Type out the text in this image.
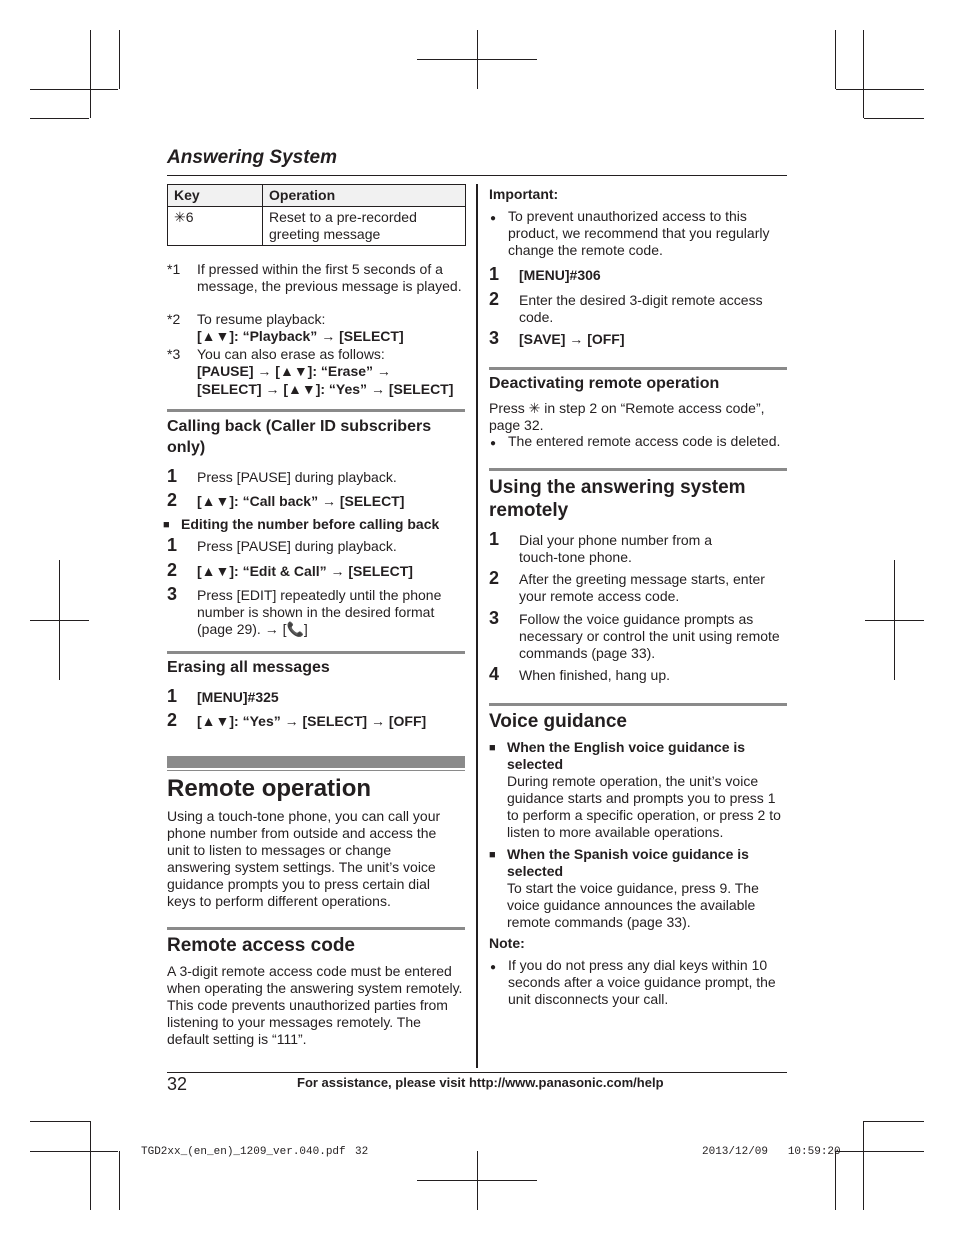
Answering System
Key	Operation
✳6	Reset to a pre-recorded greeting message
*1 If pressed within the first 5 seconds of a message, the previous message is played.
*2 To resume playback:
[▲▼]: “Playback” → [SELECT]
*3 You can also erase as follows:
[PAUSE] → [▲▼]: “Erase” →
[SELECT] → [▲▼]: “Yes” → [SELECT]
Calling back (Caller ID subscribers only)
1 Press [PAUSE] during playback.
2 [▲▼]: “Call back” → [SELECT]
■ Editing the number before calling back
1 Press [PAUSE] during playback.
2 [▲▼]: “Edit & Call” → [SELECT]
3 Press [EDIT] repeatedly until the phone number is shown in the desired format (page 29). → [📞]
Erasing all messages
1 [MENU]#325
2 [▲▼]: “Yes” → [SELECT] → [OFF]
Remote operation
Using a touch-tone phone, you can call your phone number from outside and access the unit to listen to messages or change answering system settings. The unit’s voice guidance prompts you to press certain dial keys to perform different operations.
Remote access code
A 3-digit remote access code must be entered when operating the answering system remotely. This code prevents unauthorized parties from listening to your messages remotely. The default setting is “111”.
Important:
● To prevent unauthorized access to this product, we recommend that you regularly change the remote code.
1 [MENU]#306
2 Enter the desired 3-digit remote access code.
3 [SAVE] → [OFF]
Deactivating remote operation
Press ✳ in step 2 on “Remote access code”, page 32.
● The entered remote access code is deleted.
Using the answering system remotely
1 Dial your phone number from a touch-tone phone.
2 After the greeting message starts, enter your remote access code.
3 Follow the voice guidance prompts as necessary or control the unit using remote commands (page 33).
4 When finished, hang up.
Voice guidance
■ When the English voice guidance is selected
During remote operation, the unit’s voice guidance starts and prompts you to press 1 to perform a specific operation, or press 2 to listen to more available operations.
■ When the Spanish voice guidance is selected
To start the voice guidance, press 9. The voice guidance announces the available remote commands (page 33).
Note:
● If you do not press any dial keys within 10 seconds after a voice guidance prompt, the unit disconnects your call.
32	For assistance, please visit http://www.panasonic.com/help
TGD2xx_(en_en)_1209_ver.040.pdf 32	2013/12/09   10:59:20
